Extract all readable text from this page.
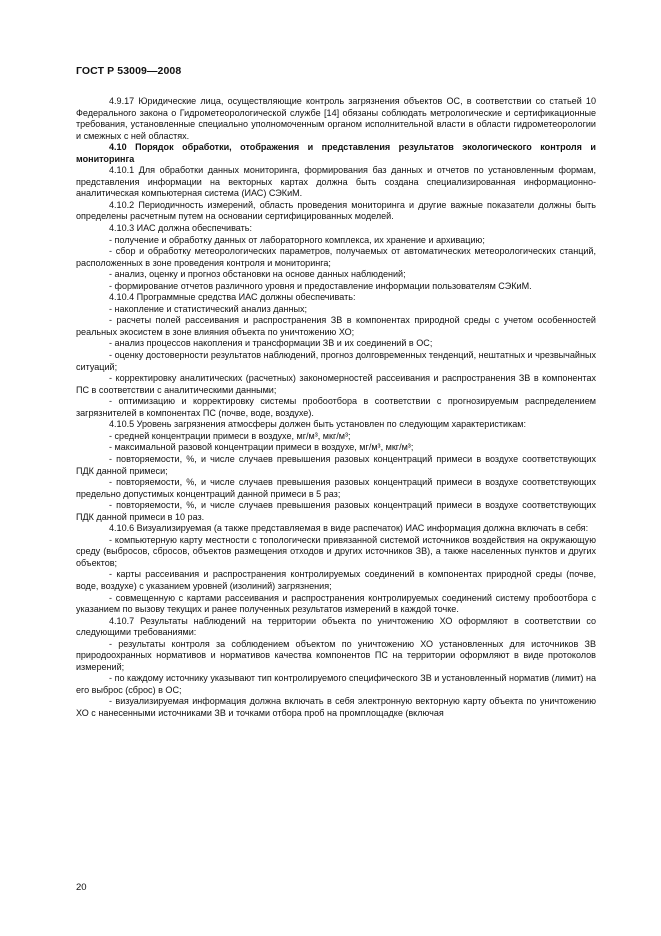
ГОСТ Р 53009—2008

4.9.17 Юридические лица, осуществляющие контроль загрязнения объектов ОС, в соответствии со статьей 10 Федерального закона о Гидрометеорологической службе [14] обязаны соблюдать метрологические и сертификационные требования, установленные специально уполномоченным органом исполнительной власти в области гидрометеорологии и смежных с ней областях.

4.10 Порядок обработки, отображения и представления результатов экологического контроля и мониторинга

4.10.1 Для обработки данных мониторинга, формирования баз данных и отчетов по установленным формам, представления информации на векторных картах должна быть создана специализированная информационно-аналитическая компьютерная система (ИАС) СЭКиМ.

4.10.2 Периодичность измерений, область проведения мониторинга и другие важные показатели должны быть определены расчетным путем на основании сертифицированных моделей.

4.10.3 ИАС должна обеспечивать:

- получение и обработку данных от лабораторного комплекса, их хранение и архивацию;

- сбор и обработку метеорологических параметров, получаемых от автоматических метеорологических станций, расположенных в зоне проведения контроля и мониторинга;

- анализ, оценку и прогноз обстановки на основе данных наблюдений;

- формирование отчетов различного уровня и предоставление информации пользователям СЭКиМ.

4.10.4 Программные средства ИАС должны обеспечивать:

- накопление и статистический анализ данных;

- расчеты полей рассеивания и распространения ЗВ в компонентах природной среды с учетом особенностей реальных экосистем в зоне влияния объекта по уничтожению ХО;

- анализ процессов накопления и трансформации ЗВ и их соединений в ОС;

- оценку достоверности результатов наблюдений, прогноз долговременных тенденций, нештатных и чрезвычайных ситуаций;

- корректировку аналитических (расчетных) закономерностей рассеивания и распространения ЗВ в компонентах ПС в соответствии с аналитическими данными;

- оптимизацию и корректировку системы пробоотбора в соответствии с прогнозируемым распределением загрязнителей в компонентах ПС (почве, воде, воздухе).

4.10.5 Уровень загрязнения атмосферы должен быть установлен по следующим характеристикам:

- средней концентрации примеси в воздухе, мг/м³, мкг/м³;

- максимальной разовой концентрации примеси в воздухе, мг/м³, мкг/м³;

- повторяемости, %, и числе случаев превышения разовых концентраций примеси в воздухе соответствующих ПДК данной примеси;

- повторяемости, %, и числе случаев превышения разовых концентраций примеси в воздухе соответствующих предельно допустимых концентраций данной примеси в 5 раз;

- повторяемости, %, и числе случаев превышения разовых концентраций примеси в воздухе соответствующих ПДК данной примеси в 10 раз.

4.10.6 Визуализируемая (а также представляемая в виде распечаток) ИАС информация должна включать в себя:

- компьютерную карту местности с топологически привязанной системой источников воздействия на окружающую среду (выбросов, сбросов, объектов размещения отходов и других источников ЗВ), а также населенных пунктов и других объектов;

- карты рассеивания и распространения контролируемых соединений в компонентах природной среды (почве, воде, воздухе) с указанием уровней (изолиний) загрязнения;

- совмещенную с картами рассеивания и распространения контролируемых соединений систему пробоотбора с указанием по вызову текущих и ранее полученных результатов измерений в каждой точке.

4.10.7 Результаты наблюдений на территории объекта по уничтожению ХО оформляют в соответствии со следующими требованиями:

- результаты контроля за соблюдением объектом по уничтожению ХО установленных для источников ЗВ природоохранных нормативов и нормативов качества компонентов ПС на территории оформляют в виде протоколов измерений;

- по каждому источнику указывают тип контролируемого специфического ЗВ и установленный норматив (лимит) на его выброс (сброс) в ОС;

- визуализируемая информация должна включать в себя электронную векторную карту объекта по уничтожению ХО с нанесенными источниками ЗВ и точками отбора проб на промплощадке (включая

20
